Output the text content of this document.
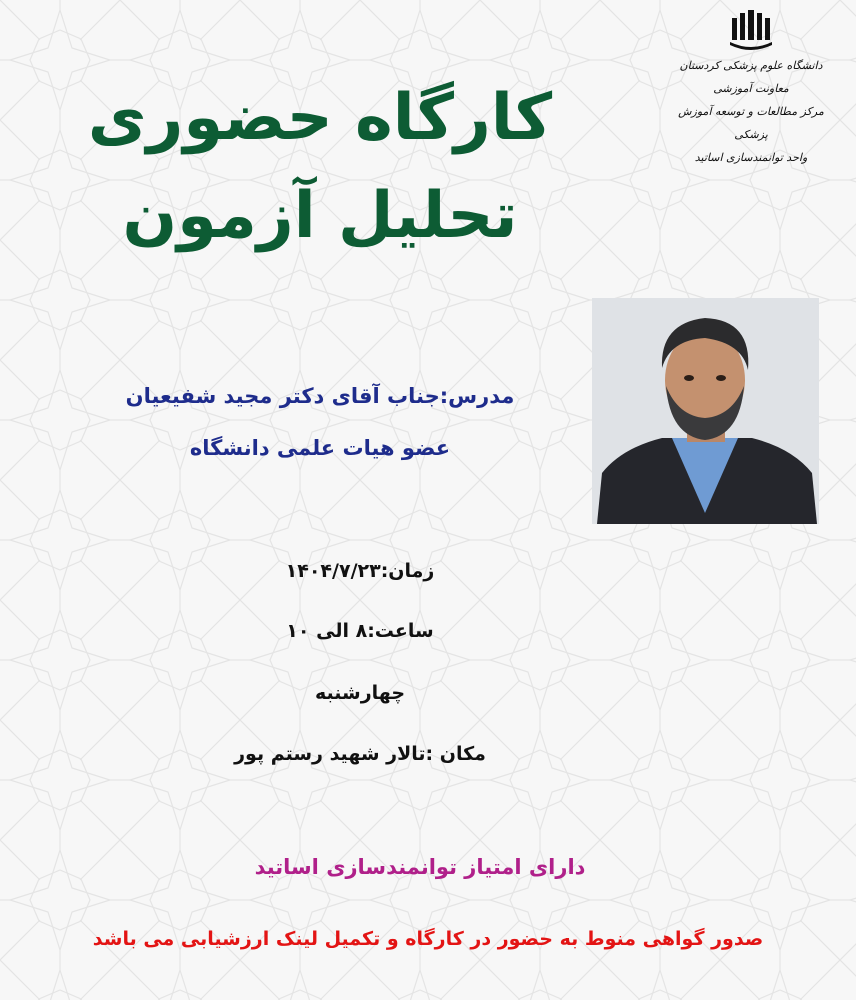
دانشگاه علوم پزشکی کردستان
معاونت آموزشی
مرکز مطالعات و توسعه آموزش پزشکی
واحد توانمندسازی اساتید
کارگاه حضوری
تحلیل آزمون
مدرس:جناب آقای دکتر مجید شفیعیان
عضو هیات علمی دانشگاه
زمان:۱۴۰۴/۷/۲۳
ساعت:۸ الی ۱۰
چهارشنبه
مکان :تالار شهید رستم پور
دارای امتیاز توانمندسازی اساتید
صدور گواهی منوط به حضور در کارگاه و تکمیل لینک ارزشیابی می باشد
